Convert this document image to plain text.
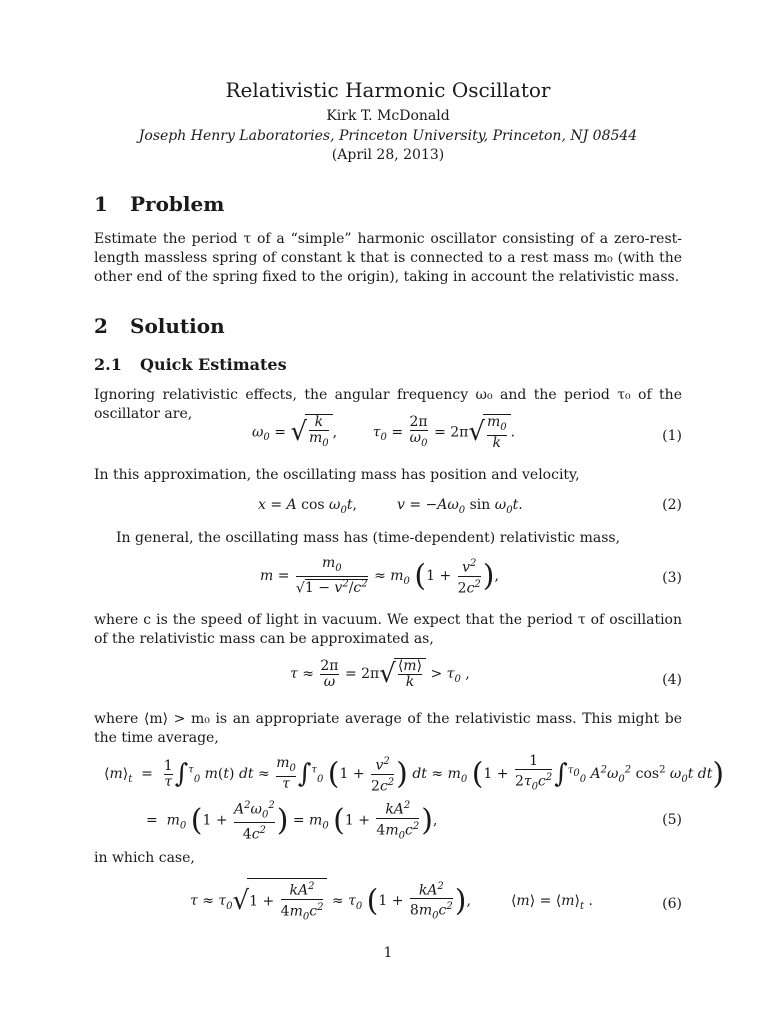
Relativistic Harmonic Oscillator
Kirk T. McDonald
Joseph Henry Laboratories, Princeton University, Princeton, NJ 08544
(April 28, 2013)
1 Problem
Estimate the period τ of a “simple” harmonic oscillator consisting of a zero-rest-length massless spring of constant k that is connected to a rest mass m₀ (with the other end of the spring fixed to the origin), taking in account the relativistic mass.
2 Solution
2.1 Quick Estimates
Ignoring relativistic effects, the angular frequency ω₀ and the period τ₀ of the oscillator are,
$\omega_0$ = √ $\frac{k}{m_0}$ ,        $\tau_0 = \frac{2\pi}{\omega_0} = 2\pi√ \frac{m_0}{k}$ .	(1)
In this approximation, the oscillating mass has position and velocity,
x = A $\cos \omega_0t$,         $v = -A\omega_0$ $\sin \omega_0t$.	(2)
In general, the oscillating mass has (time-dependent) relativistic mass,
$m = \frac{m_0}{√1 - v^2/c^2} \approx m_0$ ($1 + \frac{v^2}{2c^2}$ ),	(3)
where c is the speed of light in vacuum. We expect that the period τ of oscillation of the relativistic mass can be approximated as,
$\tau \approx \frac{2\pi}{\omega} = 2\pi√ \frac{⟨m⟩}{k} > \tau_0$ ,	(4)
where ⟨m⟩ > m₀ is an appropriate average of the relativistic mass. This might be the time average,
$⟨m⟩_t = \frac{1}{\tau} \int^\tau_0$ m(t) dt ≈ $\frac{m_0}{\tau} \int^\tau_0$ ($1 + \frac{v^2}{2c^2}$ ) dt ≈ $m_0$ ($1 + \frac{1}{2\tau_0c^2} \int^{\tau_0}_0$ $A^2\omega_0^2$ $\cos^2 \omega_0t$ dt)
=  $m_0$ ($1 + \frac{A^2\omega_0^2}{4c^2}$ ) = $m_0$ ($1 + \frac{kA^2}{4m_0c^2}$ ),	(5)
in which case,
$\tau \approx \tau_0√1 + \frac{kA^2}{4m_0c^2} \approx \tau_0$ ($1 + \frac{kA^2}{8m_0c^2}$ ),	⟨m⟩ = $⟨m⟩_t$ .	(6)
1
